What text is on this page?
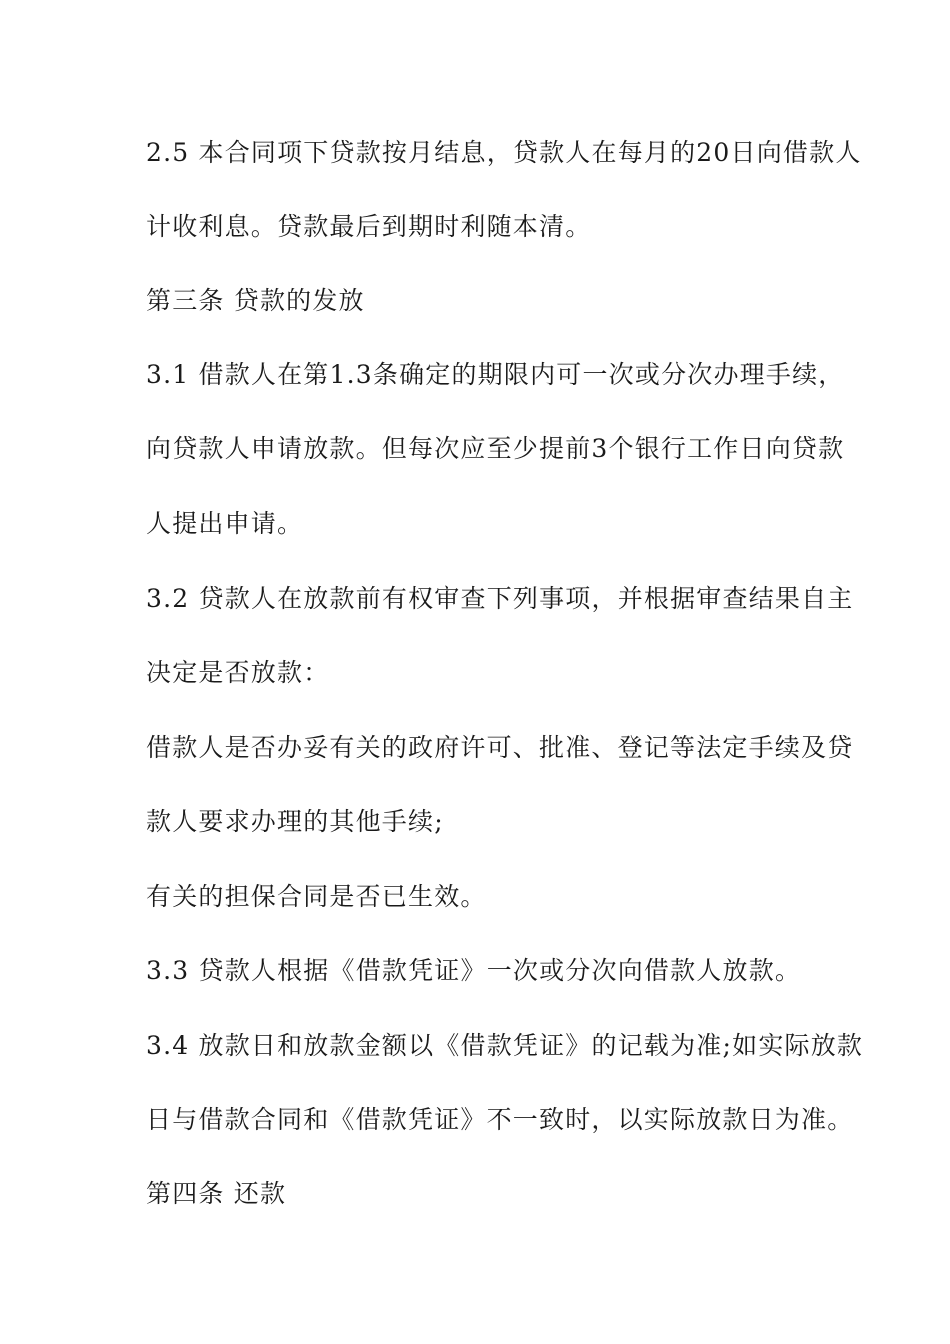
2.5 本合同项下贷款按月结息，贷款人在每月的20日向借款人
计收利息。贷款最后到期时利随本清。
第三条 贷款的发放
3.1 借款人在第1.3条确定的期限内可一次或分次办理手续，
向贷款人申请放款。但每次应至少提前3个银行工作日向贷款
人提出申请。
3.2 贷款人在放款前有权审查下列事项，并根据审查结果自主
决定是否放款：
借款人是否办妥有关的政府许可、批准、登记等法定手续及贷
款人要求办理的其他手续;
有关的担保合同是否已生效。
3.3 贷款人根据《借款凭证》一次或分次向借款人放款。
3.4 放款日和放款金额以《借款凭证》的记载为准;如实际放款
日与借款合同和《借款凭证》不一致时，以实际放款日为准。
第四条 还款
